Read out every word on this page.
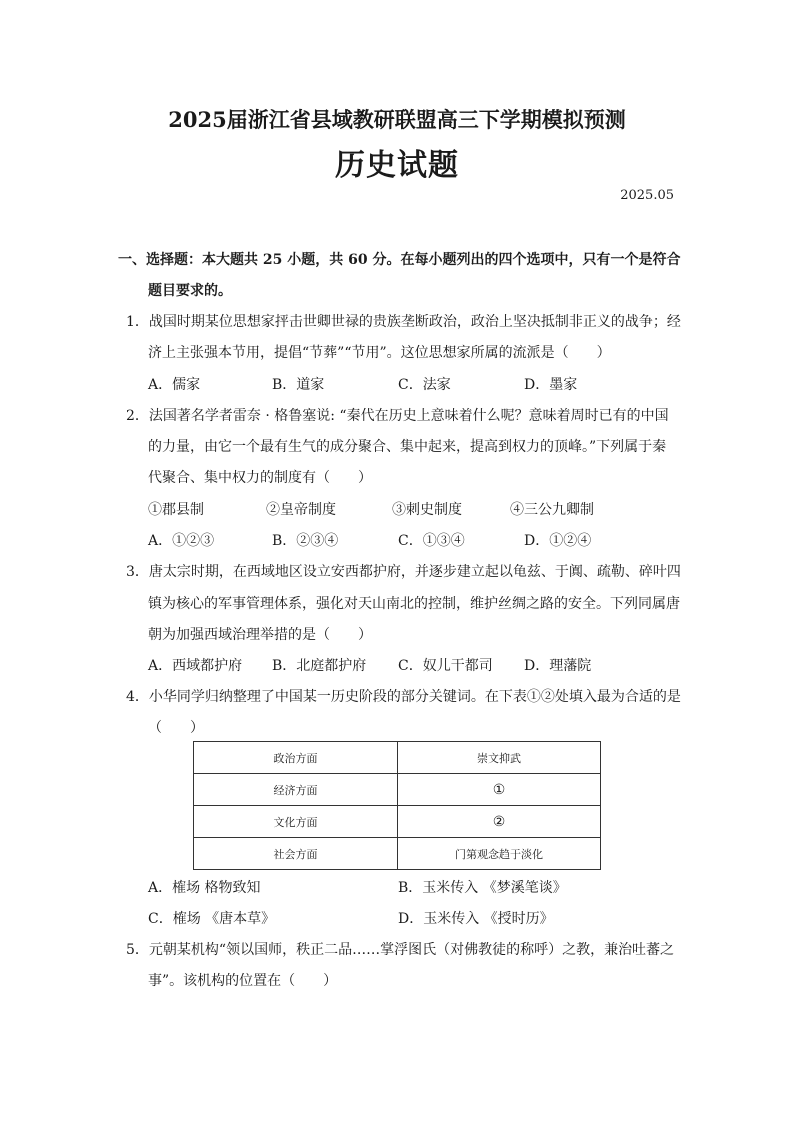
2025届浙江省县域教研联盟高三下学期模拟预测
历史试题
2025.05
一、选择题：本大题共 25 小题，共 60 分。在每小题列出的四个选项中，只有一个是符合
题目要求的。
1．战国时期某位思想家抨击世卿世禄的贵族垄断政治，政治上坚决抵制非正义的战争；经
济上主张强本节用，提倡“节葬”“节用”。这位思想家所属的流派是（　　）
A．儒家	B．道家	C．法家	D．墨家
2．法国著名学者雷奈 · 格鲁塞说: “秦代在历史上意味着什么呢？意味着周时已有的中国
的力量，由它一个最有生气的成分聚合、集中起来，提高到权力的顶峰。”下列属于秦
代聚合、集中权力的制度有（　　）
①郡县制	②皇帝制度	③刺史制度	④三公九卿制
A．①②③	B．②③④	C．①③④	D．①②④
3．唐太宗时期，在西域地区设立安西都护府，并逐步建立起以龟兹、于阗、疏勒、碎叶四
镇为核心的军事管理体系，强化对天山南北的控制，维护丝绸之路的安全。下列同属唐
朝为加强西域治理举措的是（　　）
A．西域都护府 B．北庭都护府 C．奴儿干都司 D．理藩院
4．小华同学归纳整理了中国某一历史阶段的部分关键词。在下表①②处填入最为合适的是
（　　）
政治方面	崇文抑武
经济方面	①
文化方面	②
社会方面	门第观念趋于淡化
A．榷场 格物致知	B．玉米传入 《梦溪笔谈》
C．榷场 《唐本草》	D．玉米传入 《授时历》
5．元朝某机构“领以国师，秩正二品……掌浮图氏（对佛教徒的称呼）之教，兼治吐蕃之
事”。该机构的位置在（　　）
